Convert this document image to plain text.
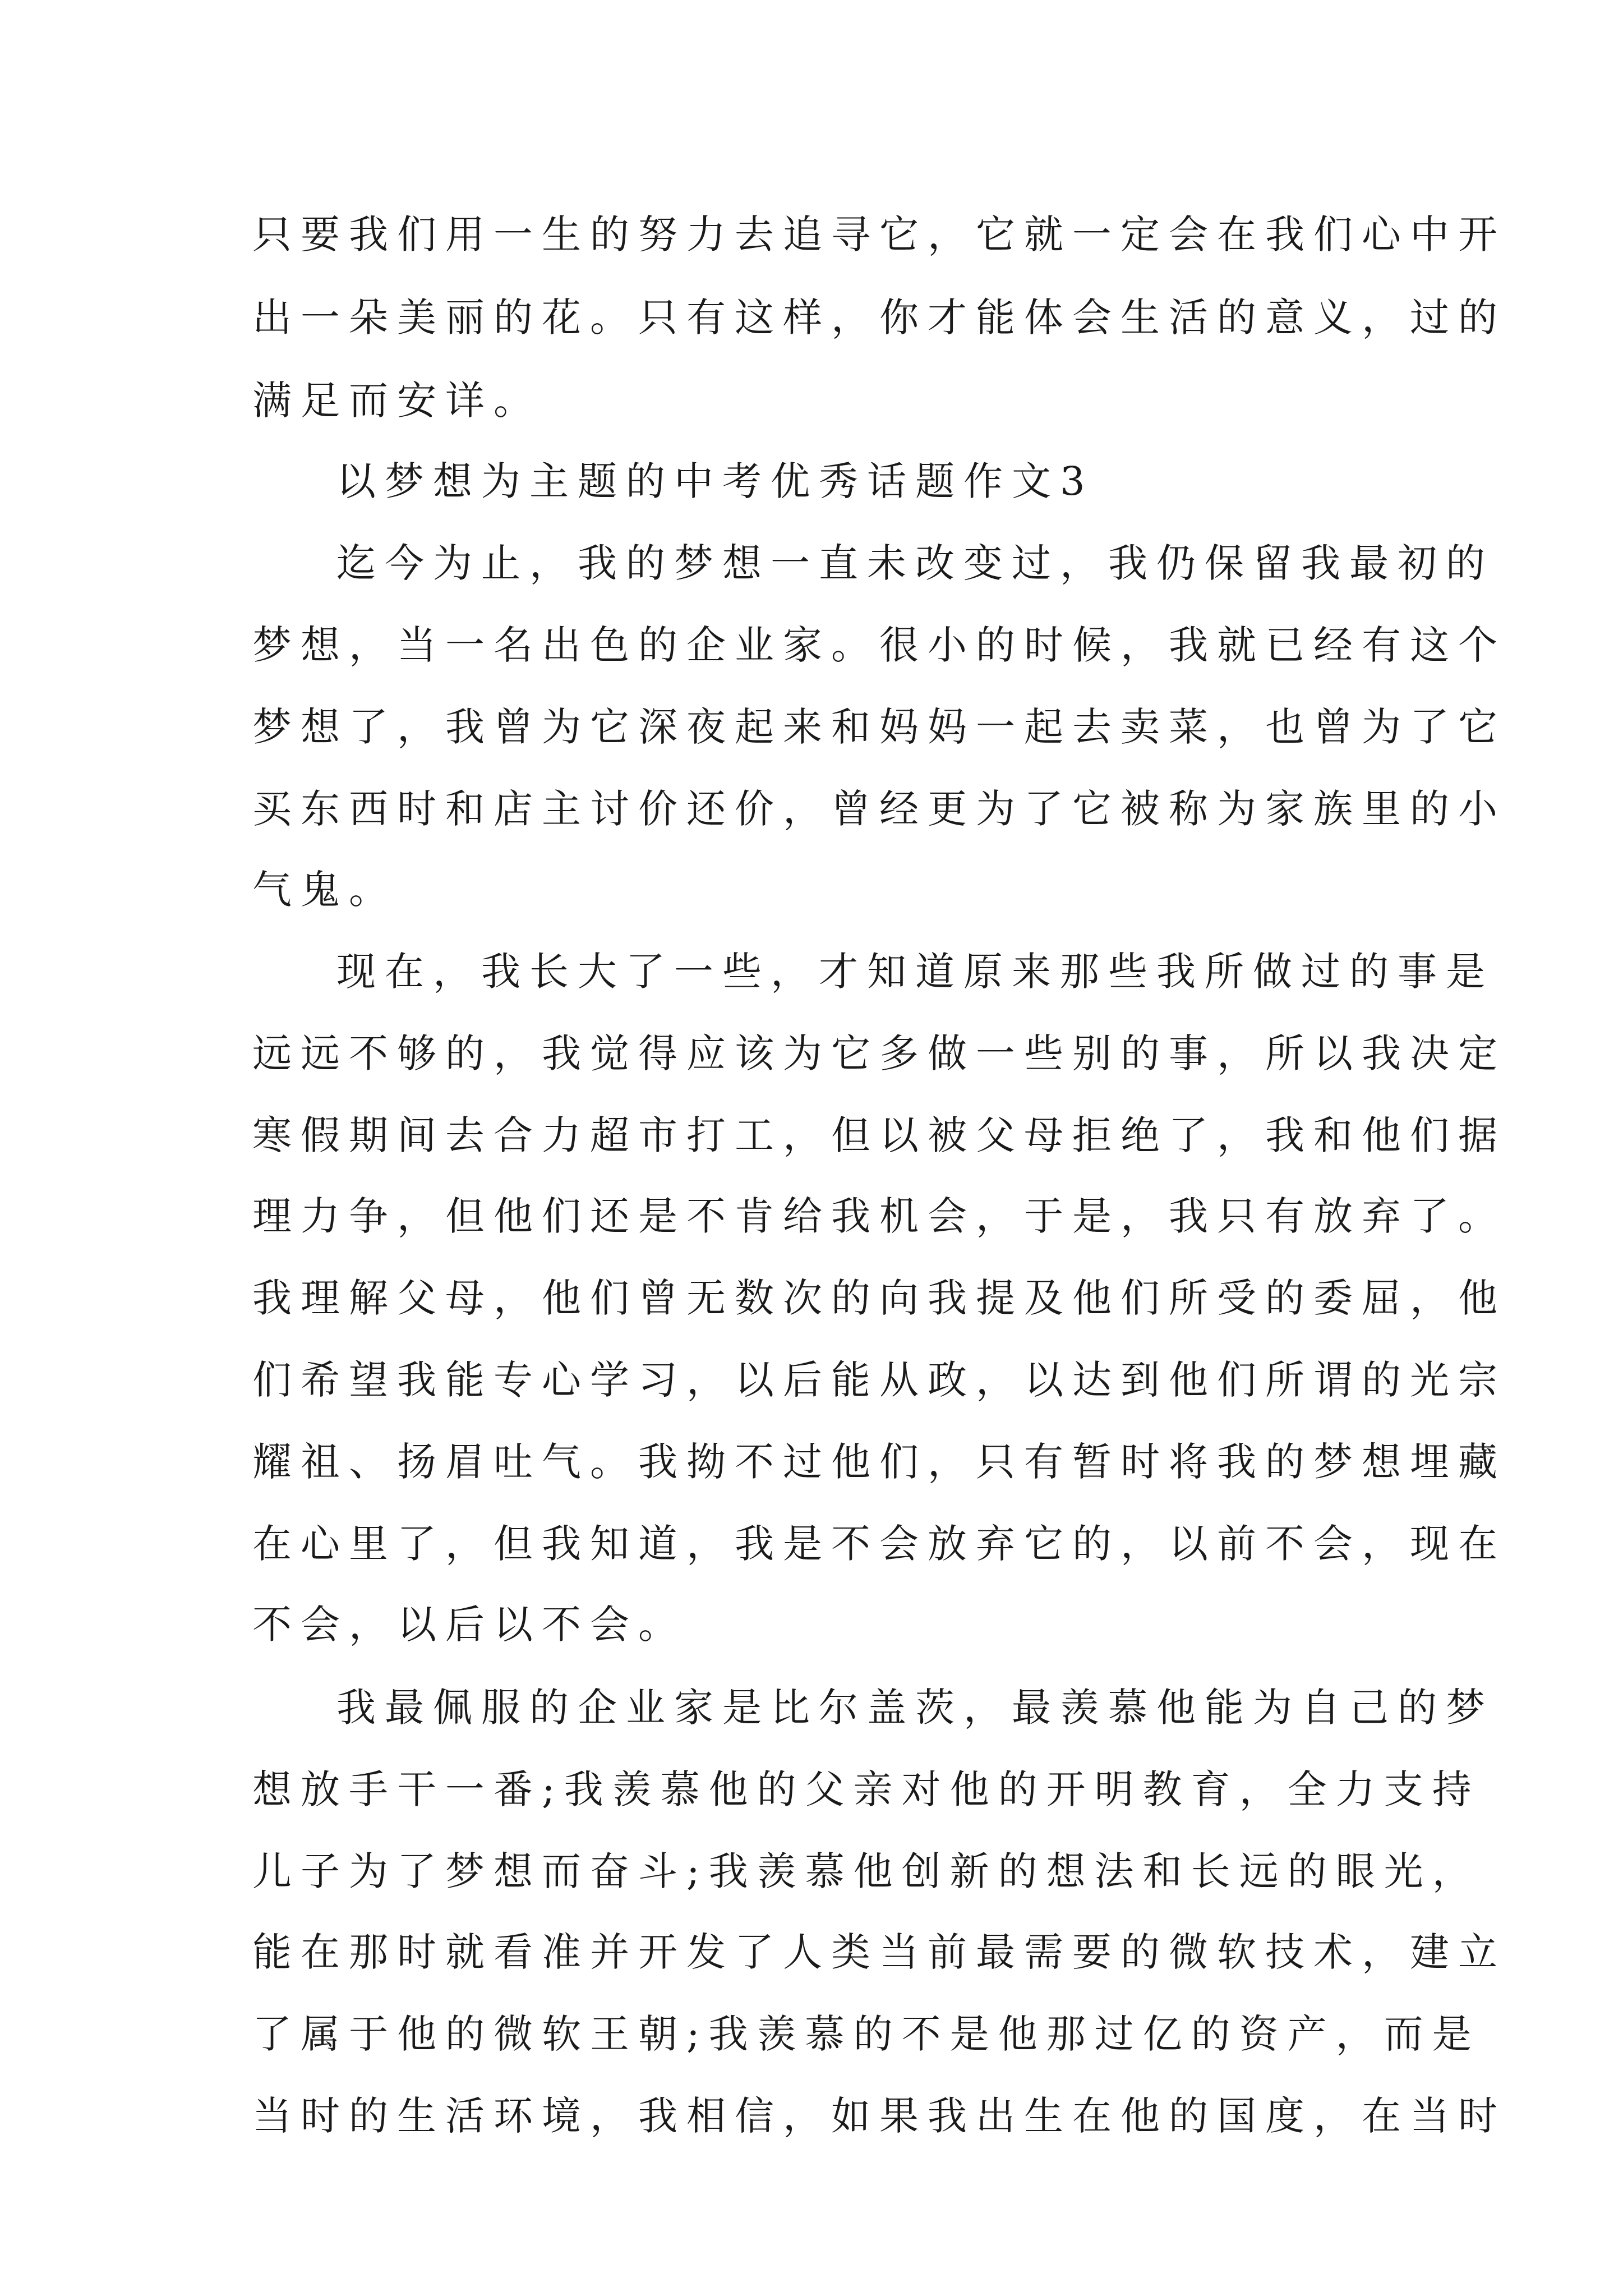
只要我们用一生的努力去追寻它，它就一定会在我们心中开

出一朵美丽的花。只有这样，你才能体会生活的意义，过的

满足而安详。

以梦想为主题的中考优秀话题作文3

迄今为止，我的梦想一直未改变过，我仍保留我最初的

梦想，当一名出色的企业家。很小的时候，我就已经有这个

梦想了，我曾为它深夜起来和妈妈一起去卖菜，也曾为了它

买东西时和店主讨价还价，曾经更为了它被称为家族里的小

气鬼。

现在，我长大了一些，才知道原来那些我所做过的事是

远远不够的，我觉得应该为它多做一些别的事，所以我决定

寒假期间去合力超市打工，但以被父母拒绝了，我和他们据

理力争，但他们还是不肯给我机会，于是，我只有放弃了。

我理解父母，他们曾无数次的向我提及他们所受的委屈，他

们希望我能专心学习，以后能从政，以达到他们所谓的光宗

耀祖、扬眉吐气。我拗不过他们，只有暂时将我的梦想埋藏

在心里了，但我知道，我是不会放弃它的，以前不会，现在

不会，以后以不会。

我最佩服的企业家是比尔盖茨，最羡慕他能为自己的梦

想放手干一番;我羡慕他的父亲对他的开明教育，全力支持

儿子为了梦想而奋斗;我羡慕他创新的想法和长远的眼光，

能在那时就看准并开发了人类当前最需要的微软技术，建立

了属于他的微软王朝;我羡慕的不是他那过亿的资产，而是

当时的生活环境，我相信，如果我出生在他的国度，在当时
